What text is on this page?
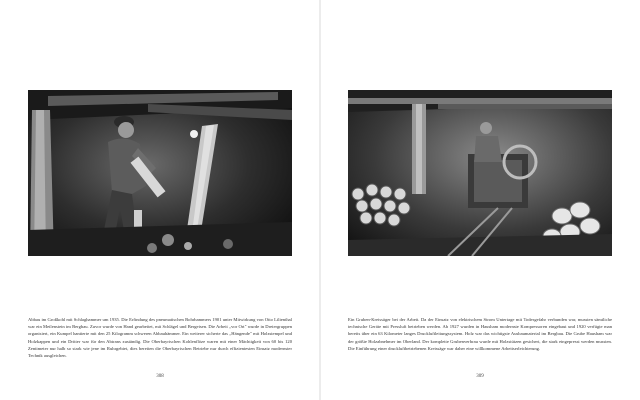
Abbau im Großkohl mit Schlaghammer um 1935. Die Erfindung des pneumatischen Bohrhammers 1901 unter Mitwirkung von Otto Lilienthal war ein Meilenstein im Bergbau. Zuvor wurde von Hand gearbeitet, mit Schlägel und Bergeisen. Die Arbeit „vor Ort" wurde in Dreiergruppen organisiert, ein Kumpel hantierte mit den 25 Kilogramm schweren Abbauhämmer. Ein weiterer sicherte das „Hängende" mit Holzstempel und Holzkappen und ein Dritter war für den Abtrans zuständig. Die Oberbayrischen Kohlenflöze waren mit einer Mächtigkeit von 60 bis 120 Zentimeter nur halb so stark wie jene im Ruhrgebiet, dies bereiten die Oberbayrischen Betriebe nur durch effizientesten Einsatz modernster Technik ausgleichen.
308
Ein Gruben-Kreissäger bei der Arbeit. Da der Einsatz von elektrischem Strom Untertage mit Todesgefahr verbunden war, mussten sämtliche technische Geräte mit Pressluft betrieben werden. Ab 1927 wurden in Hausham modernste Kompressoren eingebaut und 1920 verfügte man bereits über ein 63 Kilometer langes Druckluftleitungssystem. Holz war das wichtigste Ausbaumaterial im Bergbau. Die Grube Hausham war der größte Holzabnehmer im Oberland. Der komplette Grubenverbrau wurde mit Holzstützen gesichert, die stark eingepresst werden mussten. Die Einführung einer druckluftbetriebenen Kreissäge war daher eine willkommene Arbeitserleichterung.
309
